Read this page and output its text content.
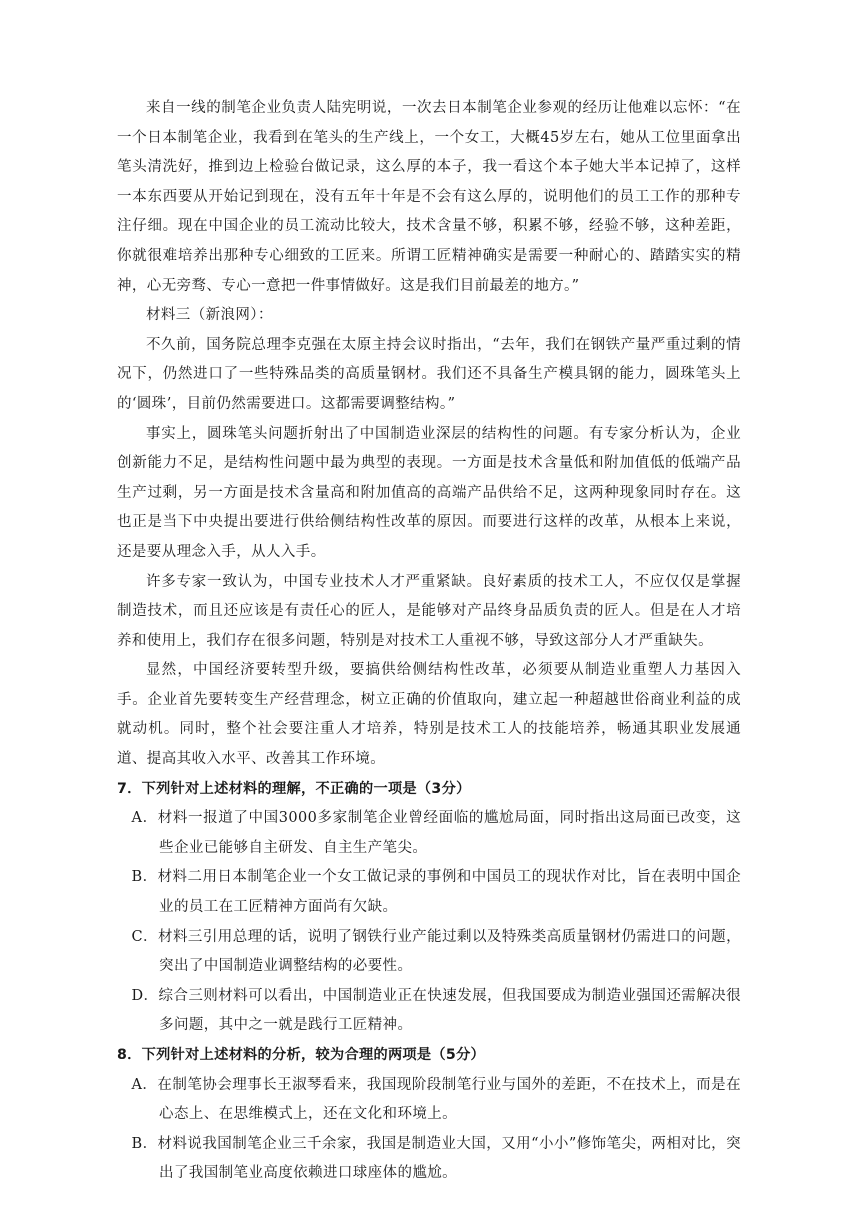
来自一线的制笔企业负责人陆宪明说，一次去日本制笔企业参观的经历让他难以忘怀：“在一个日本制笔企业，我看到在笔头的生产线上，一个女工，大概45岁左右，她从工位里面拿出笔头清洗好，推到边上检验台做记录，这么厚的本子，我一看这个本子她大半本记掉了，这样一本东西要从开始记到现在，没有五年十年是不会有这么厚的，说明他们的员工工作的那种专注仔细。现在中国企业的员工流动比较大，技术含量不够，积累不够，经验不够，这种差距，你就很难培养出那种专心细致的工匠来。所谓工匠精神确实是需要一种耐心的、踏踏实实的精神，心无旁骛、专心一意把一件事情做好。这是我们目前最差的地方。”

材料三（新浪网）：

不久前，国务院总理李克强在太原主持会议时指出，“去年，我们在钢铁产量严重过剩的情况下，仍然进口了一些特殊品类的高质量钢材。我们还不具备生产模具钢的能力，圆珠笔头上的‘圆珠’，目前仍然需要进口。这都需要调整结构。”

事实上，圆珠笔头问题折射出了中国制造业深层的结构性的问题。有专家分析认为，企业创新能力不足，是结构性问题中最为典型的表现。一方面是技术含量低和附加值低的低端产品生产过剩，另一方面是技术含量高和附加值高的高端产品供给不足，这两种现象同时存在。这也正是当下中央提出要进行供给侧结构性改革的原因。而要进行这样的改革，从根本上来说，还是要从理念入手，从人入手。

许多专家一致认为，中国专业技术人才严重紧缺。良好素质的技术工人，不应仅仅是掌握制造技术，而且还应该是有责任心的匠人，是能够对产品终身品质负责的匠人。但是在人才培养和使用上，我们存在很多问题，特别是对技术工人重视不够，导致这部分人才严重缺失。

显然，中国经济要转型升级，要搞供给侧结构性改革，必须要从制造业重塑人力基因入手。企业首先要转变生产经营理念，树立正确的价值取向，建立起一种超越世俗商业利益的成就动机。同时，整个社会要注重人才培养，特别是技术工人的技能培养，畅通其职业发展通道、提高其收入水平、改善其工作环境。

7．下列针对上述材料的理解，不正确的一项是（3分）

A．材料一报道了中国3000多家制笔企业曾经面临的尴尬局面，同时指出这局面已改变，这些企业已能够自主研发、自主生产笔尖。

B．材料二用日本制笔企业一个女工做记录的事例和中国员工的现状作对比，旨在表明中国企业的员工在工匠精神方面尚有欠缺。

C．材料三引用总理的话，说明了钢铁行业产能过剩以及特殊类高质量钢材仍需进口的问题，突出了中国制造业调整结构的必要性。

D．综合三则材料可以看出，中国制造业正在快速发展，但我国要成为制造业强国还需解决很多问题，其中之一就是践行工匠精神。

8．下列针对上述材料的分析，较为合理的两项是（5分）

A．在制笔协会理事长王淑琴看来，我国现阶段制笔行业与国外的差距，不在技术上，而是在心态上、在思维模式上，还在文化和环境上。

B．材料说我国制笔企业三千余家，我国是制造业大国，又用“小小”修饰笔尖，两相对比，突出了我国制笔业高度依赖进口球座体的尴尬。
